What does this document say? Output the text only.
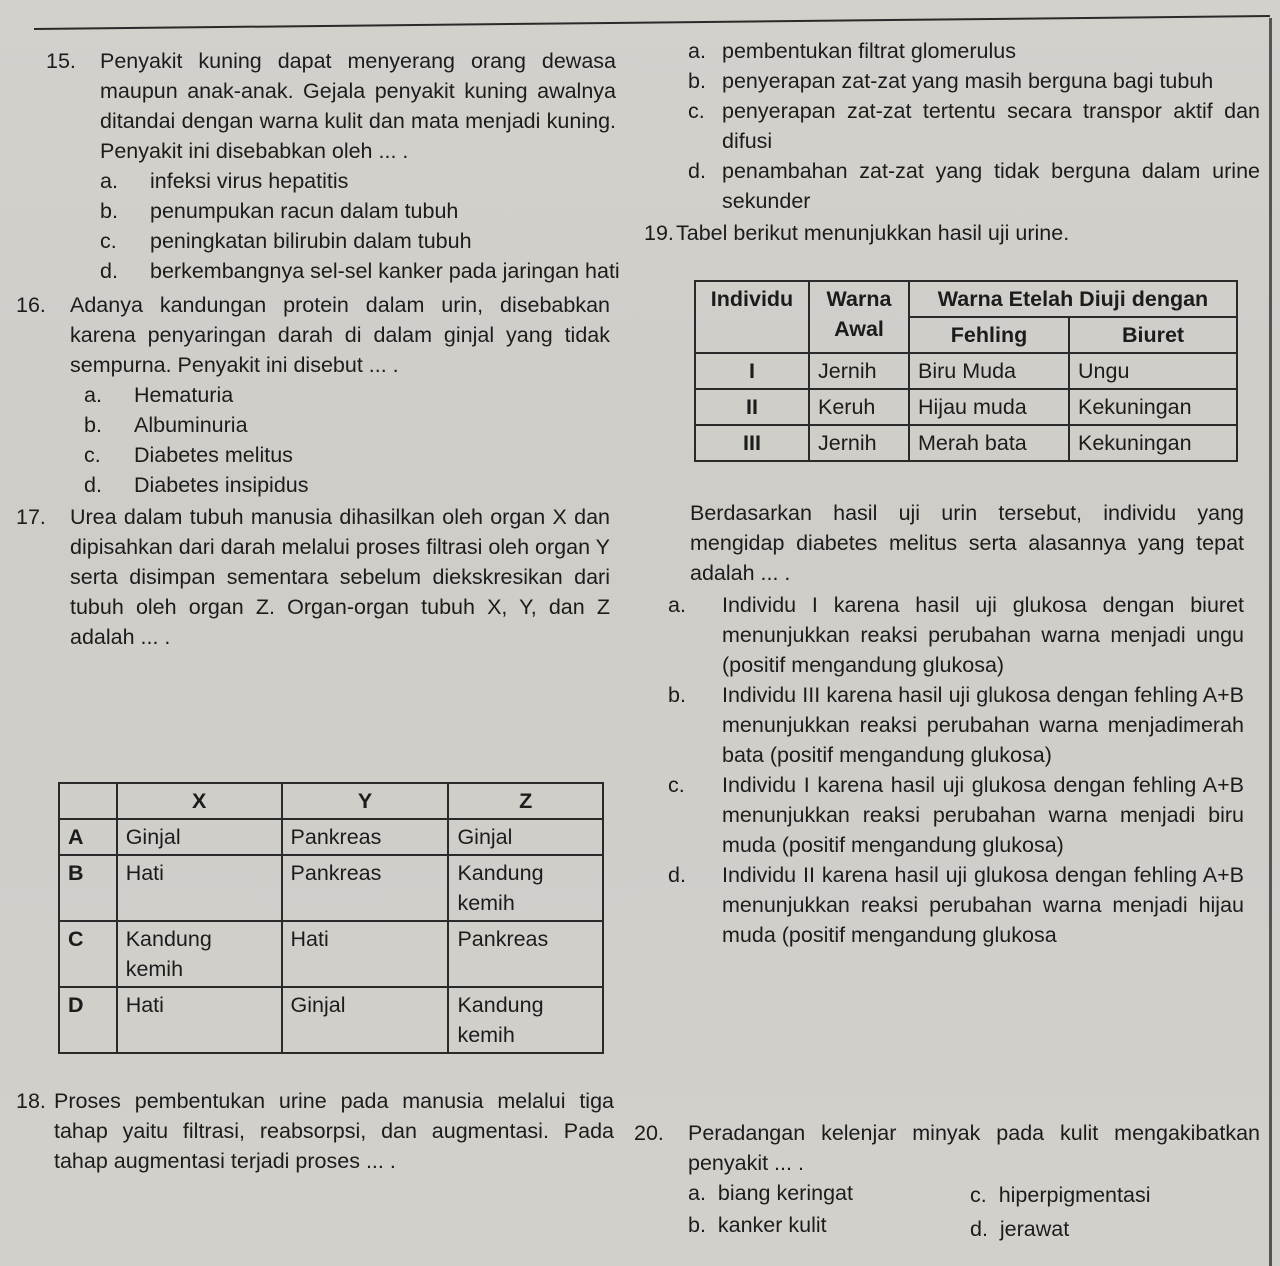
15. Penyakit kuning dapat menyerang orang dewasa maupun anak-anak. Gejala penyakit kuning awalnya ditandai dengan warna kulit dan mata menjadi kuning. Penyakit ini disebabkan oleh ... .
a. infeksi virus hepatitis
b. penumpukan racun dalam tubuh
c. peningkatan bilirubin dalam tubuh
d. berkembangnya sel-sel kanker pada jaringan hati
16. Adanya kandungan protein dalam urin, disebabkan karena penyaringan darah di dalam ginjal yang tidak sempurna. Penyakit ini disebut ... .
a. Hematuria
b. Albuminuria
c. Diabetes melitus
d. Diabetes insipidus
17. Urea dalam tubuh manusia dihasilkan oleh organ X dan dipisahkan dari darah melalui proses filtrasi oleh organ Y serta disimpan sementara sebelum diekskresikan dari tubuh oleh organ Z. Organ-organ tubuh X, Y, dan Z adalah ... .
	X	Y	Z
A	Ginjal	Pankreas	Ginjal
B	Hati	Pankreas	Kandung kemih
C	Kandung kemih	Hati	Pankreas
D	Hati	Ginjal	Kandung kemih
18. Proses pembentukan urine pada manusia melalui tiga tahap yaitu filtrasi, reabsorpsi, dan augmentasi. Pada tahap augmentasi terjadi proses ... .
a. pembentukan filtrat glomerulus
b. penyerapan zat-zat yang masih berguna bagi tubuh
c. penyerapan zat-zat tertentu secara transpor aktif dan difusi
d. penambahan zat-zat yang tidak berguna dalam urine sekunder
19. Tabel berikut menunjukkan hasil uji urine.
Individu	Warna Awal	Warna Etelah Diuji dengan	

		Fehling	Biuret
I	Jernih	Biru Muda	Ungu
II	Keruh	Hijau muda	Kekuningan
III	Jernih	Merah bata	Kekuningan
Berdasarkan hasil uji urin tersebut, individu yang mengidap diabetes melitus serta alasannya yang tepat adalah ... .
a. Individu I karena hasil uji glukosa dengan biuret menunjukkan reaksi perubahan warna menjadi ungu (positif mengandung glukosa)
b. Individu III karena hasil uji glukosa dengan fehling A+B menunjukkan reaksi perubahan warna menjadimerah bata (positif mengandung glukosa)
c. Individu I karena hasil uji glukosa dengan fehling A+B menunjukkan reaksi perubahan warna menjadi biru muda (positif mengandung glukosa)
d. Individu II karena hasil uji glukosa dengan fehling A+B menunjukkan reaksi perubahan warna menjadi hijau muda (positif mengandung glukosa
20. Peradangan kelenjar minyak pada kulit mengakibatkan penyakit ... .
a. biang keringat
b. kanker kulit
c. hiperpigmentasi
d. jerawat
